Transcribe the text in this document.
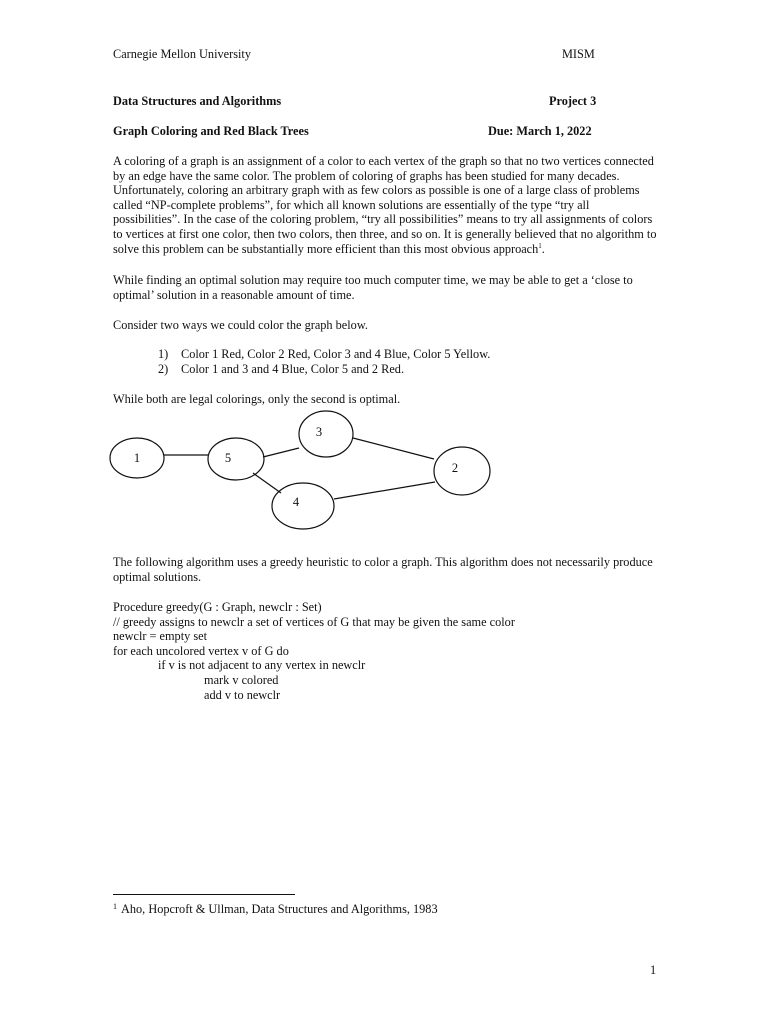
Carnegie Mellon University	MISM
Data Structures and Algorithms	Project 3
Graph Coloring and Red Black Trees	Due: March 1, 2022

A coloring of a graph is an assignment of a color to each vertex of the graph so that no two vertices connected by an edge have the same color. The problem of coloring of graphs has been studied for many decades. Unfortunately, coloring an arbitrary graph with as few colors as possible is one of a large class of problems called “NP-complete problems”, for which all known solutions are essentially of the type “try all possibilities”. In the case of the coloring problem, “try all possibilities” means to try all assignments of colors to vertices at first one color, then two colors, then three, and so on. It is generally believed that no algorithm to solve this problem can be substantially more efficient than this most obvious approach$^1$.

While finding an optimal solution may require too much computer time, we may be able to get a ‘close to optimal’ solution in a reasonable amount of time.

Consider two ways we could color the graph below.

1) Color 1 Red, Color 2 Red, Color 3 and 4 Blue, Color 5 Yellow.
2) Color 1 and 3 and 4 Blue, Color 5 and 2 Red.

While both are legal colorings, only the second is optimal.

1	5
3
2
4

The following algorithm uses a greedy heuristic to color a graph. This algorithm does not necessarily produce optimal solutions.

Procedure greedy(G : Graph, newclr : Set)
// greedy assigns to newclr a set of vertices of G that may be given the same color
newclr = empty set
for each uncolored vertex v of G do
if v is not adjacent to any vertex in newclr
mark v colored
add v to newclr
$^1$ Aho, Hopcroft & Ullman, Data Structures and Algorithms, 1983
1
